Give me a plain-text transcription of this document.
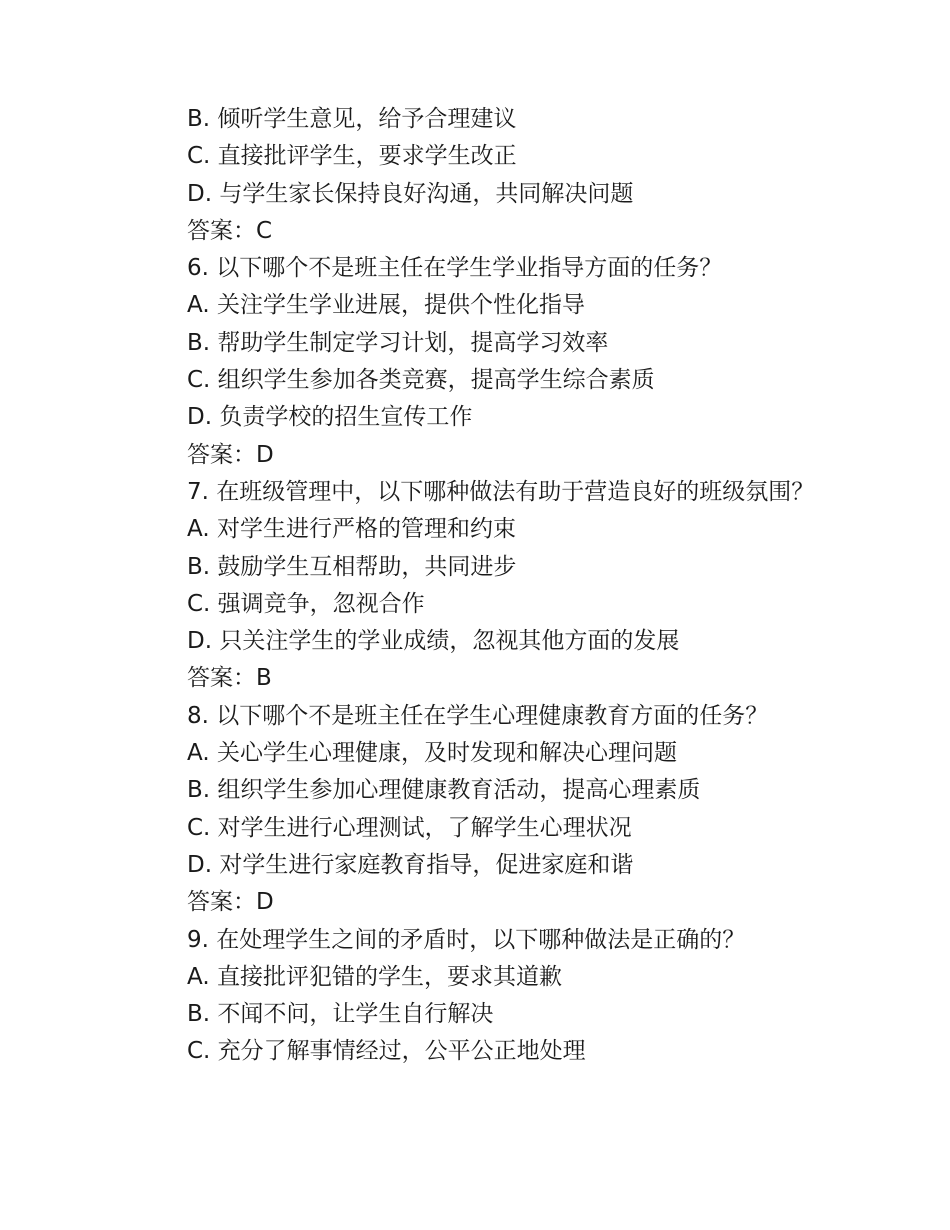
B. 倾听学生意见，给予合理建议
C. 直接批评学生，要求学生改正
D. 与学生家长保持良好沟通，共同解决问题
答案：C
6. 以下哪个不是班主任在学生学业指导方面的任务？
A. 关注学生学业进展，提供个性化指导
B. 帮助学生制定学习计划，提高学习效率
C. 组织学生参加各类竞赛，提高学生综合素质
D. 负责学校的招生宣传工作
答案：D
7. 在班级管理中，以下哪种做法有助于营造良好的班级氛围？
A. 对学生进行严格的管理和约束
B. 鼓励学生互相帮助，共同进步
C. 强调竞争，忽视合作
D. 只关注学生的学业成绩，忽视其他方面的发展
答案：B
8. 以下哪个不是班主任在学生心理健康教育方面的任务？
A. 关心学生心理健康，及时发现和解决心理问题
B. 组织学生参加心理健康教育活动，提高心理素质
C. 对学生进行心理测试，了解学生心理状况
D. 对学生进行家庭教育指导，促进家庭和谐
答案：D
9. 在处理学生之间的矛盾时，以下哪种做法是正确的？
A. 直接批评犯错的学生，要求其道歉
B. 不闻不问，让学生自行解决
C. 充分了解事情经过，公平公正地处理
